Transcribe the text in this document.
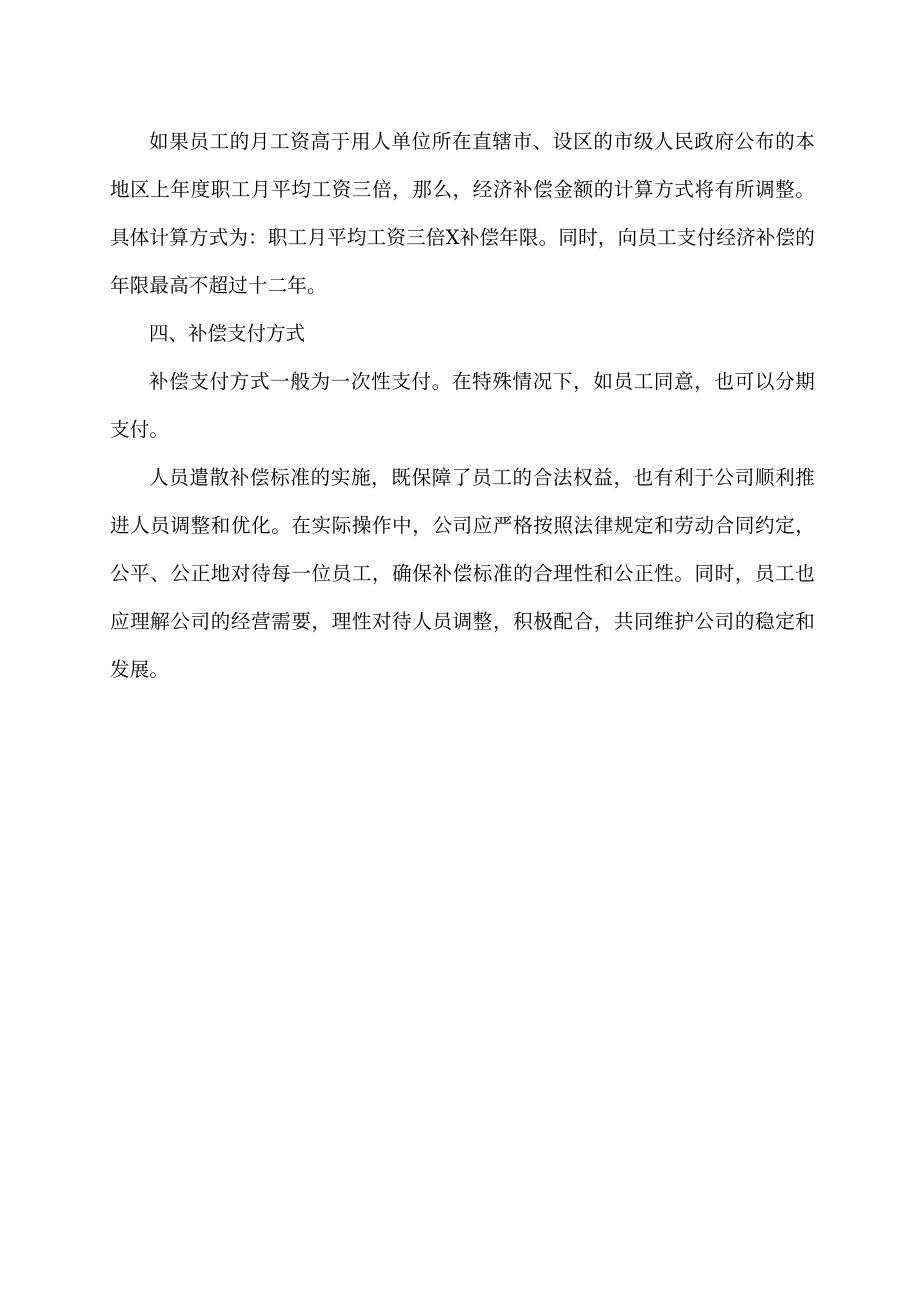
如果员工的月工资高于用人单位所在直辖市、设区的市级人民政府公布的本地区上年度职工月平均工资三倍，那么，经济补偿金额的计算方式将有所调整。具体计算方式为：职工月平均工资三倍X补偿年限。同时，向员工支付经济补偿的年限最高不超过十二年。

四、补偿支付方式

补偿支付方式一般为一次性支付。在特殊情况下，如员工同意，也可以分期支付。

人员遣散补偿标准的实施，既保障了员工的合法权益，也有利于公司顺利推进人员调整和优化。在实际操作中，公司应严格按照法律规定和劳动合同约定，公平、公正地对待每一位员工，确保补偿标准的合理性和公正性。同时，员工也应理解公司的经营需要，理性对待人员调整，积极配合，共同维护公司的稳定和发展。
